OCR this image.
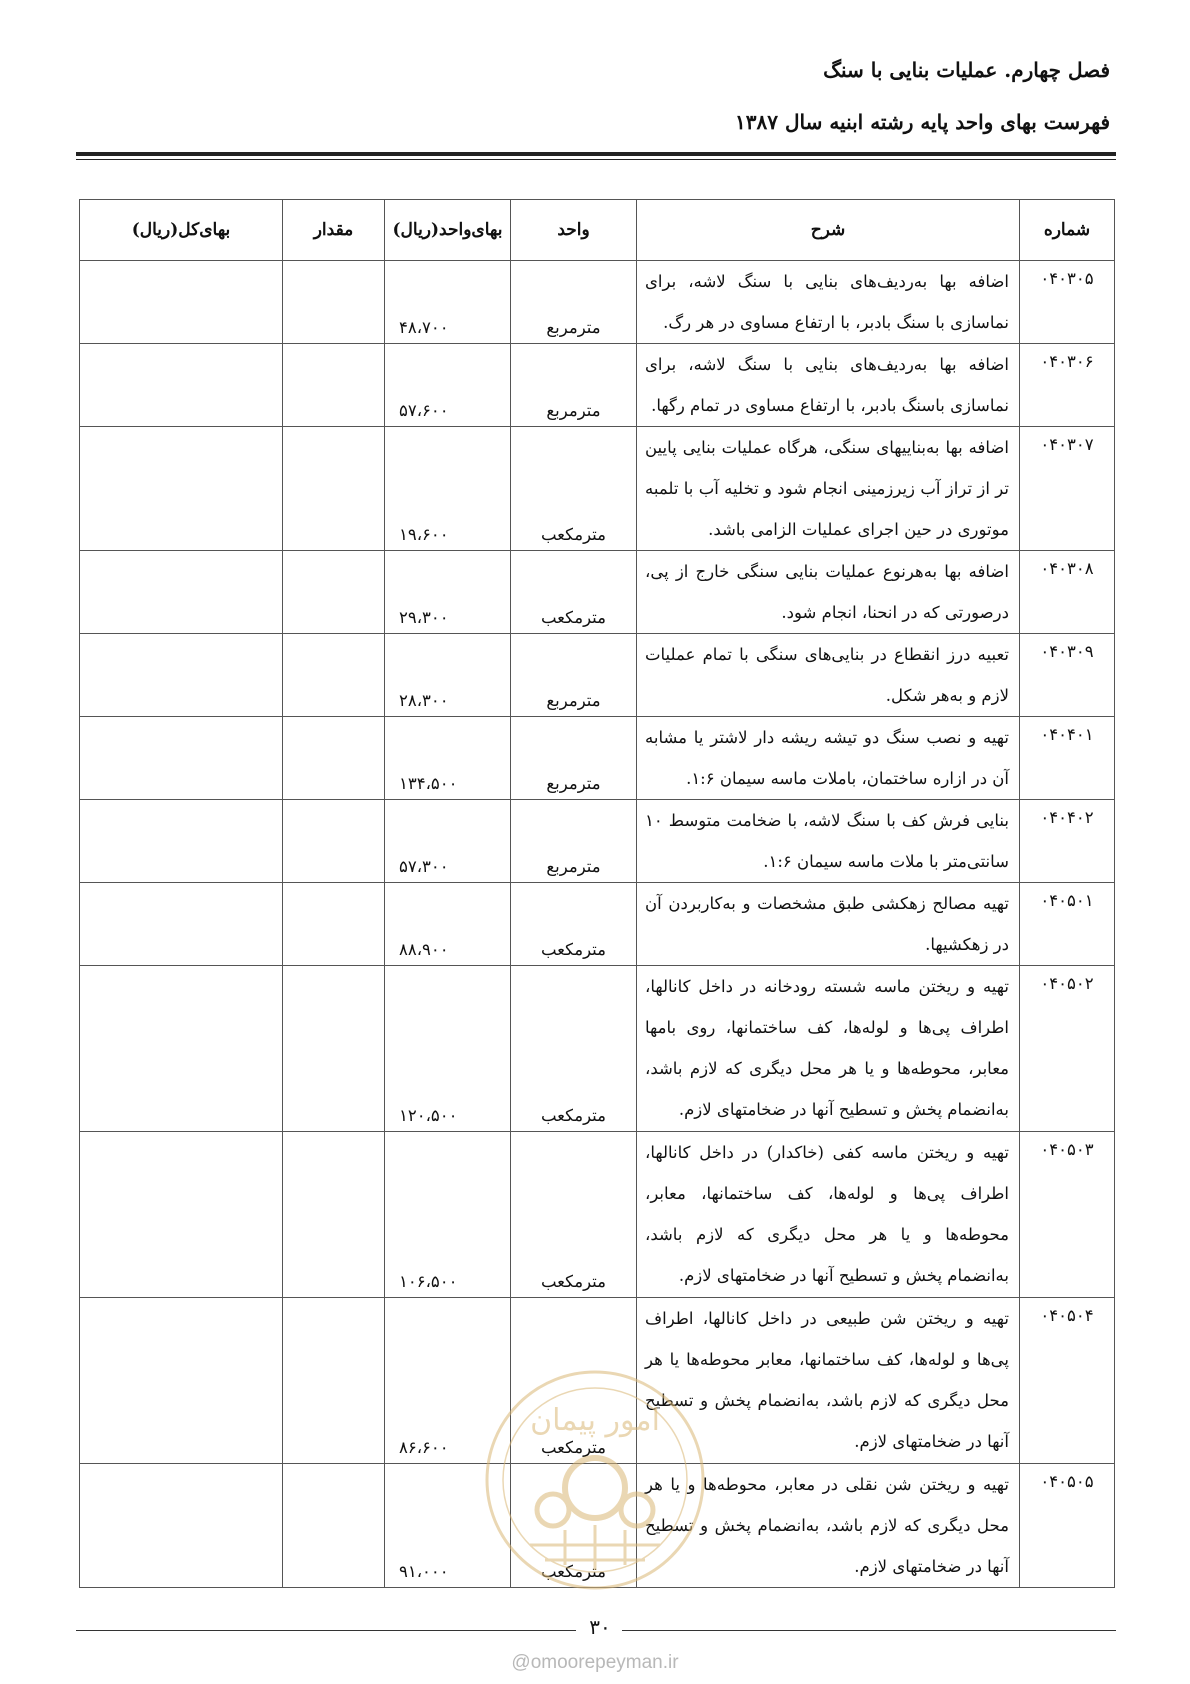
فصل چهارم. عملیات بنایی با سنگ

فهرست بهای واحد پایه رشته ابنیه سال ۱۳۸۷

شماره	شرح	واحد	بهای‌واحد(ریال)	مقدار	بهای‌کل(ریال)
۰۴۰۳۰۵	اضافه بها به‌ردیف‌های بنایی با سنگ لاشه، برای نماسازی با سنگ بادبر، با ارتفاع مساوی در هر رگ.	مترمربع	۴۸،۷۰۰		
۰۴۰۳۰۶	اضافه بها به‌ردیف‌های بنایی با سنگ لاشه، برای نماسازی باسنگ بادبر، با ارتفاع مساوی در تمام رگها.	مترمربع	۵۷،۶۰۰		
۰۴۰۳۰۷	اضافه بها به‌بناییهای سنگی، هرگاه عملیات بنایی پایین تر از تراز آب زیرزمینی انجام شود و تخلیه آب با تلمبه موتوری در حین اجرای عملیات الزامی باشد.	مترمکعب	۱۹،۶۰۰		
۰۴۰۳۰۸	اضافه بها به‌هرنوع عملیات بنایی سنگی خارج از پی، درصورتی که در انحنا، انجام شود.	مترمکعب	۲۹،۳۰۰		
۰۴۰۳۰۹	تعبیه درز انقطاع در بنایی‌های سنگی با تمام عملیات لازم و به‌هر شکل.	مترمربع	۲۸،۳۰۰		
۰۴۰۴۰۱	تهیه و نصب سنگ دو تیشه ریشه دار لاشتر یا مشابه آن در ازاره ساختمان، باملات ماسه سیمان ۱:۶.	مترمربع	۱۳۴،۵۰۰		
۰۴۰۴۰۲	بنایی فرش کف با سنگ لاشه، با ضخامت متوسط ۱۰ سانتی‌متر با ملات ماسه سیمان ۱:۶.	مترمربع	۵۷،۳۰۰		
۰۴۰۵۰۱	تهیه مصالح زهکشی طبق مشخصات و به‌کاربردن آن در زهکشیها.	مترمکعب	۸۸،۹۰۰		
۰۴۰۵۰۲	تهیه و ریختن ماسه شسته رودخانه در داخل کانالها، اطراف پی‌ها و لوله‌ها، کف ساختمانها، روی بامها معابر، محوطه‌ها و یا هر محل دیگری که لازم باشد، به‌انضمام پخش و تسطیح آنها در ضخامتهای لازم.	مترمکعب	۱۲۰،۵۰۰		
۰۴۰۵۰۳	تهیه و ریختن ماسه کفی (خاکدار) در داخل کانالها، اطراف پی‌ها و لوله‌ها، کف ساختمانها، معابر، محوطه‌ها و یا هر محل دیگری که لازم باشد، به‌انضمام پخش و تسطیح آنها در ضخامتهای لازم.	مترمکعب	۱۰۶،۵۰۰		
۰۴۰۵۰۴	تهیه و ریختن شن طبیعی در داخل کانالها، اطراف پی‌ها و لوله‌ها، کف ساختمانها، معابر محوطه‌ها یا هر محل دیگری که لازم باشد، به‌انضمام پخش و تسطیح آنها در ضخامتهای لازم.	مترمکعب	۸۶،۶۰۰		
۰۴۰۵۰۵	تهیه و ریختن شن نقلی در معابر، محوطه‌ها و یا هر محل دیگری که لازم باشد، به‌انضمام پخش و تسطیح آنها در ضخامتهای لازم.	مترمکعب	۹۱،۰۰۰		
امور پیمان
۳۰
@omoorepeyman.ir
